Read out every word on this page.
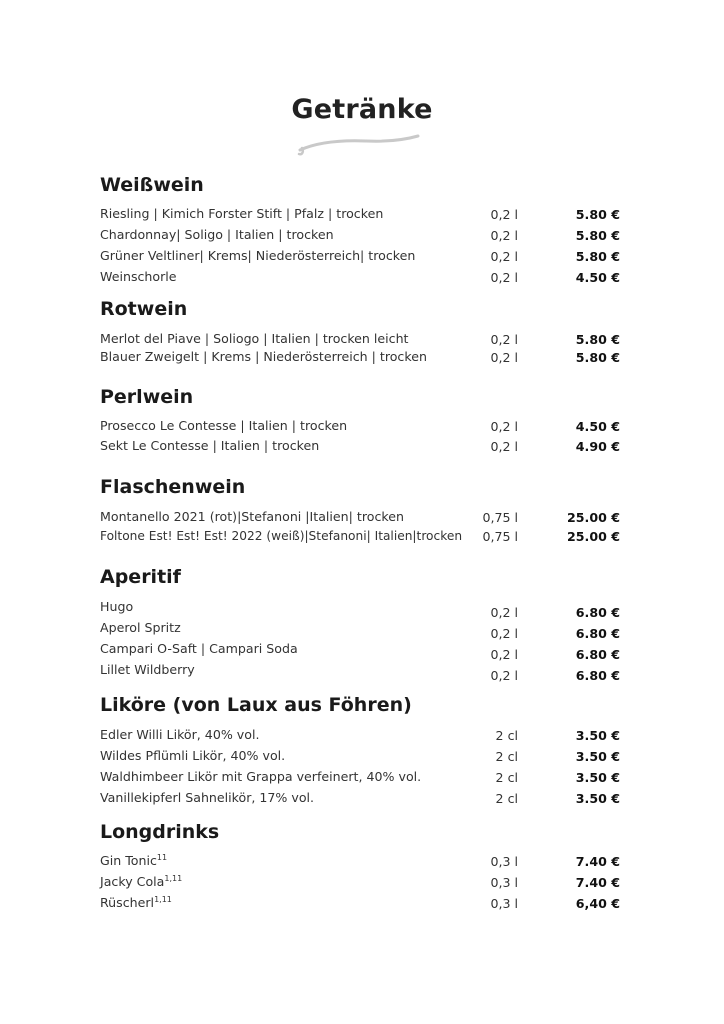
Getränke
Weißwein
Riesling | Kimich Forster Stift | Pfalz | trocken	0,2 l	5.80 €
Chardonnay| Soligo | Italien | trocken	0,2 l	5.80 €
Grüner Veltliner| Krems| Niederösterreich| trocken	0,2 l	5.80 €
Weinschorle	0,2 l	4.50 €
Rotwein
Merlot del Piave | Soliogo | Italien | trocken leicht	0,2 l	5.80 €
Blauer Zweigelt | Krems | Niederösterreich | trocken	0,2 l	5.80 €
Perlwein
Prosecco Le Contesse | Italien | trocken	0,2 l	4.50 €
Sekt Le Contesse | Italien | trocken	0,2 l	4.90 €
Flaschenwein
Montanello 2021 (rot)|Stefanoni |Italien| trocken	0,75 l	25.00 €
Foltone Est! Est! Est! 2022 (weiß)|Stefanoni| Italien|trocken	0,75 l	25.00 €
Aperitif
Hugo	0,2 l	6.80 €
Aperol Spritz	0,2 l	6.80 €
Campari O-Saft | Campari Soda	0,2 l	6.80 €
Lillet Wildberry	0,2 l	6.80 €
Liköre (von Laux aus Föhren)
Edler Willi Likör, 40% vol.	2 cl	3.50 €
Wildes Pflümli Likör, 40% vol.	2 cl	3.50 €
Waldhimbeer Likör mit Grappa verfeinert, 40% vol.	2 cl	3.50 €
Vanillekipferl Sahnelikör, 17% vol.	2 cl	3.50 €
Longdrinks
Gin Tonic$^{11}$	0,3 l	7.40 €
Jacky Cola$^{1,11}$	0,3 l	7.40 €
Rüscherl$^{1,11}$	0,3 l	6,40 €
